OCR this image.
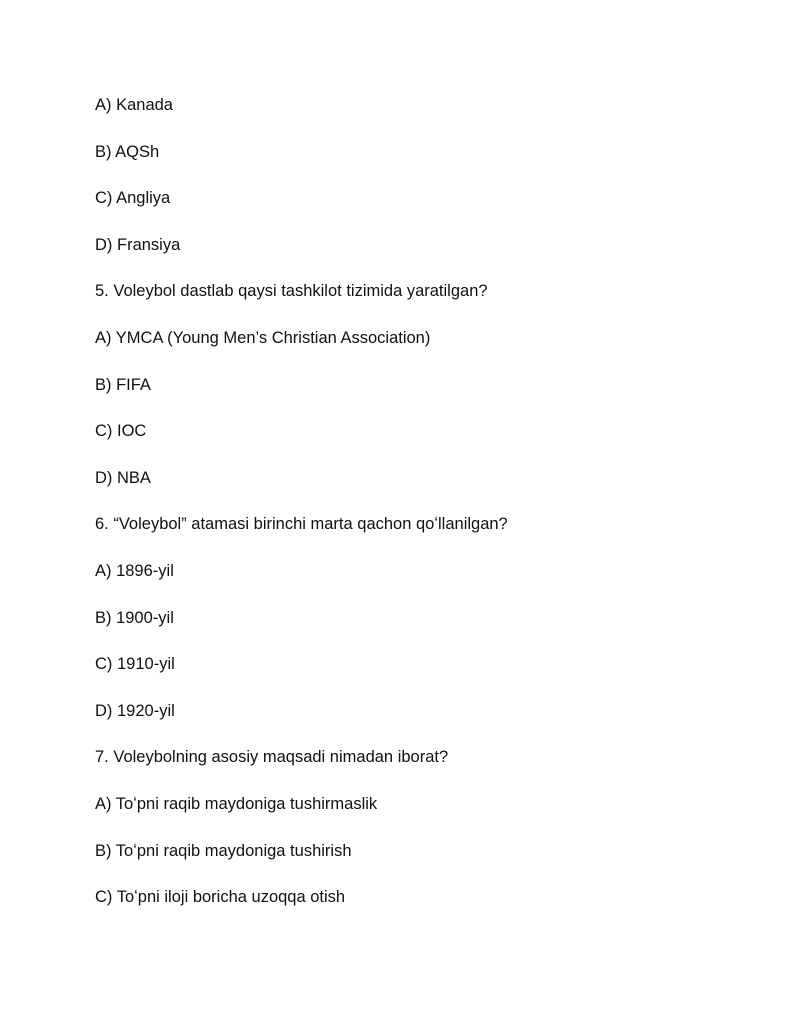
A) Kanada
B) AQSh
C) Angliya
D) Fransiya
5. Voleybol dastlab qaysi tashkilot tizimida yaratilgan?
A) YMCA (Young Men’s Christian Association)
B) FIFA
C) IOC
D) NBA
6. “Voleybol” atamasi birinchi marta qachon qoʻllanilgan?
A) 1896-yil
B) 1900-yil
C) 1910-yil
D) 1920-yil
7. Voleybolning asosiy maqsadi nimadan iborat?
A) Toʻpni raqib maydoniga tushirmaslik
B) Toʻpni raqib maydoniga tushirish
C) Toʻpni iloji boricha uzoqqa otish
